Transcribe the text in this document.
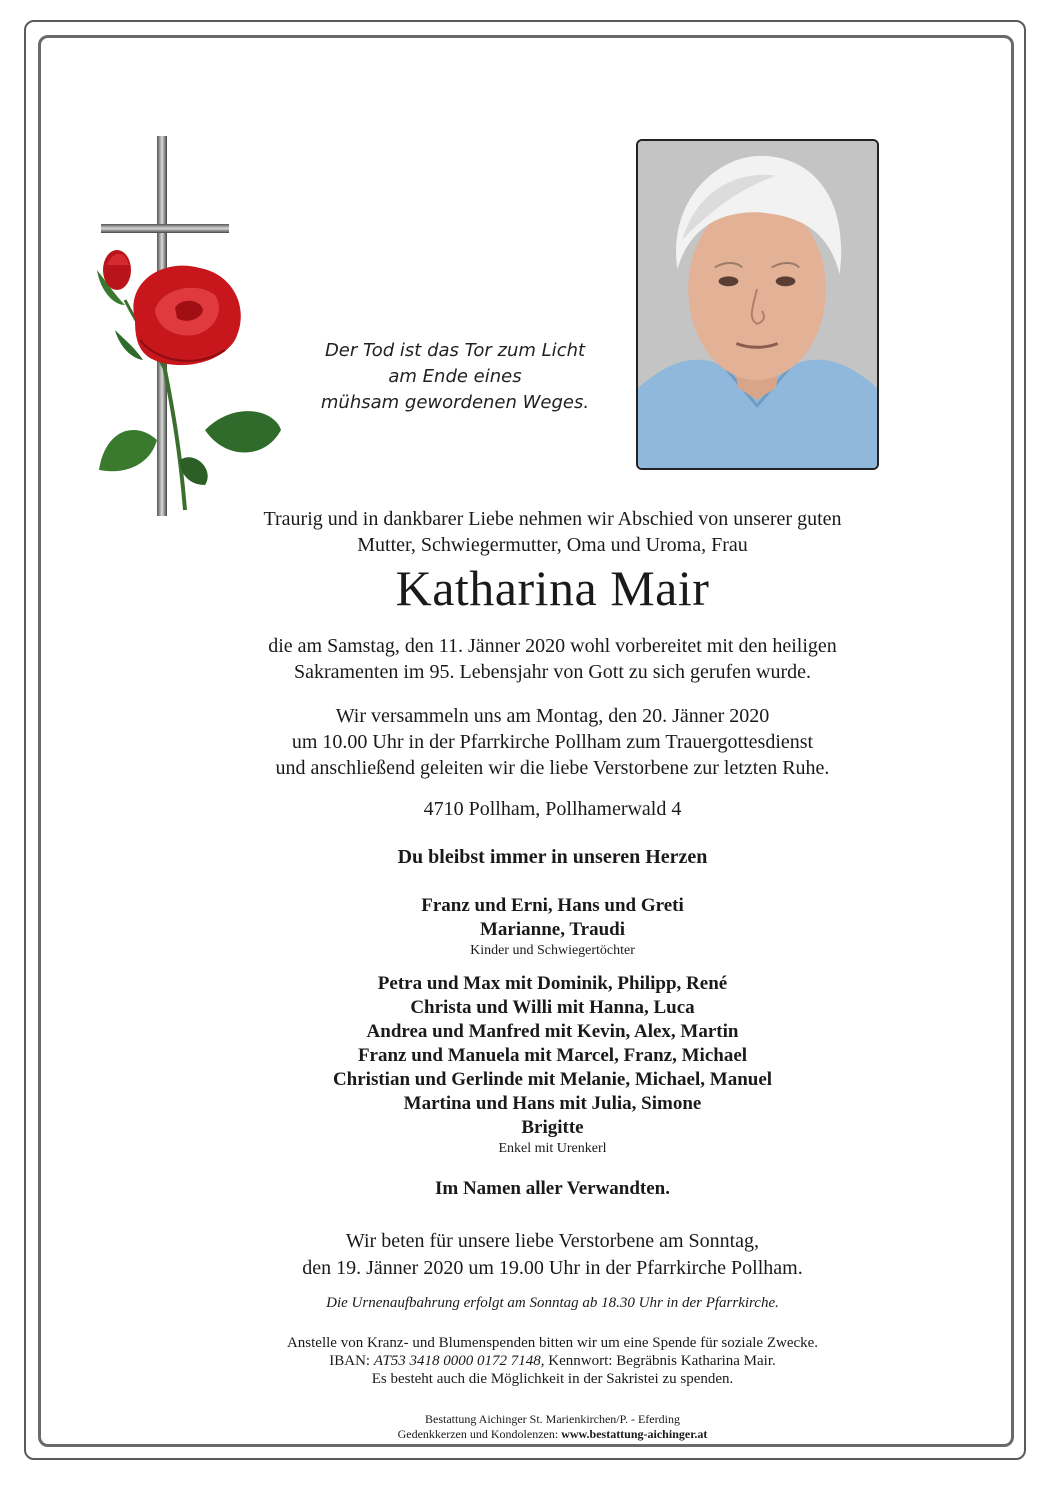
Der Tod ist das Tor zum Licht
am Ende eines
mühsam gewordenen Weges.
Traurig und in dankbarer Liebe nehmen wir Abschied von unserer guten
Mutter, Schwiegermutter, Oma und Uroma, Frau
Katharina Mair
die am Samstag, den 11. Jänner 2020 wohl vorbereitet mit den heiligen
Sakramenten im 95. Lebensjahr von Gott zu sich gerufen wurde.
Wir versammeln uns am Montag, den 20. Jänner 2020
um 10.00 Uhr in der Pfarrkirche Pollham zum Trauergottesdienst
und anschließend geleiten wir die liebe Verstorbene zur letzten Ruhe.
4710 Pollham, Pollhamerwald 4
Du bleibst immer in unseren Herzen
Franz und Erni, Hans und Greti
Marianne, Traudi
Kinder und Schwiegertöchter
Petra und Max mit Dominik, Philipp, René
Christa und Willi mit Hanna, Luca
Andrea und Manfred mit Kevin, Alex, Martin
Franz und Manuela mit Marcel, Franz, Michael
Christian und Gerlinde mit Melanie, Michael, Manuel
Martina und Hans mit Julia, Simone
Brigitte
Enkel mit Urenkerl
Im Namen aller Verwandten.
Wir beten für unsere liebe Verstorbene am Sonntag,
den 19. Jänner 2020 um 19.00 Uhr in der Pfarrkirche Pollham.
Die Urnenaufbahrung erfolgt am Sonntag ab 18.30 Uhr in der Pfarrkirche.
Anstelle von Kranz- und Blumenspenden bitten wir um eine Spende für soziale Zwecke.
IBAN: AT53 3418 0000 0172 7148, Kennwort: Begräbnis Katharina Mair.
Es besteht auch die Möglichkeit in der Sakristei zu spenden.
Bestattung Aichinger St. Marienkirchen/P. - Eferding
Gedenkkerzen und Kondolenzen: www.bestattung-aichinger.at
